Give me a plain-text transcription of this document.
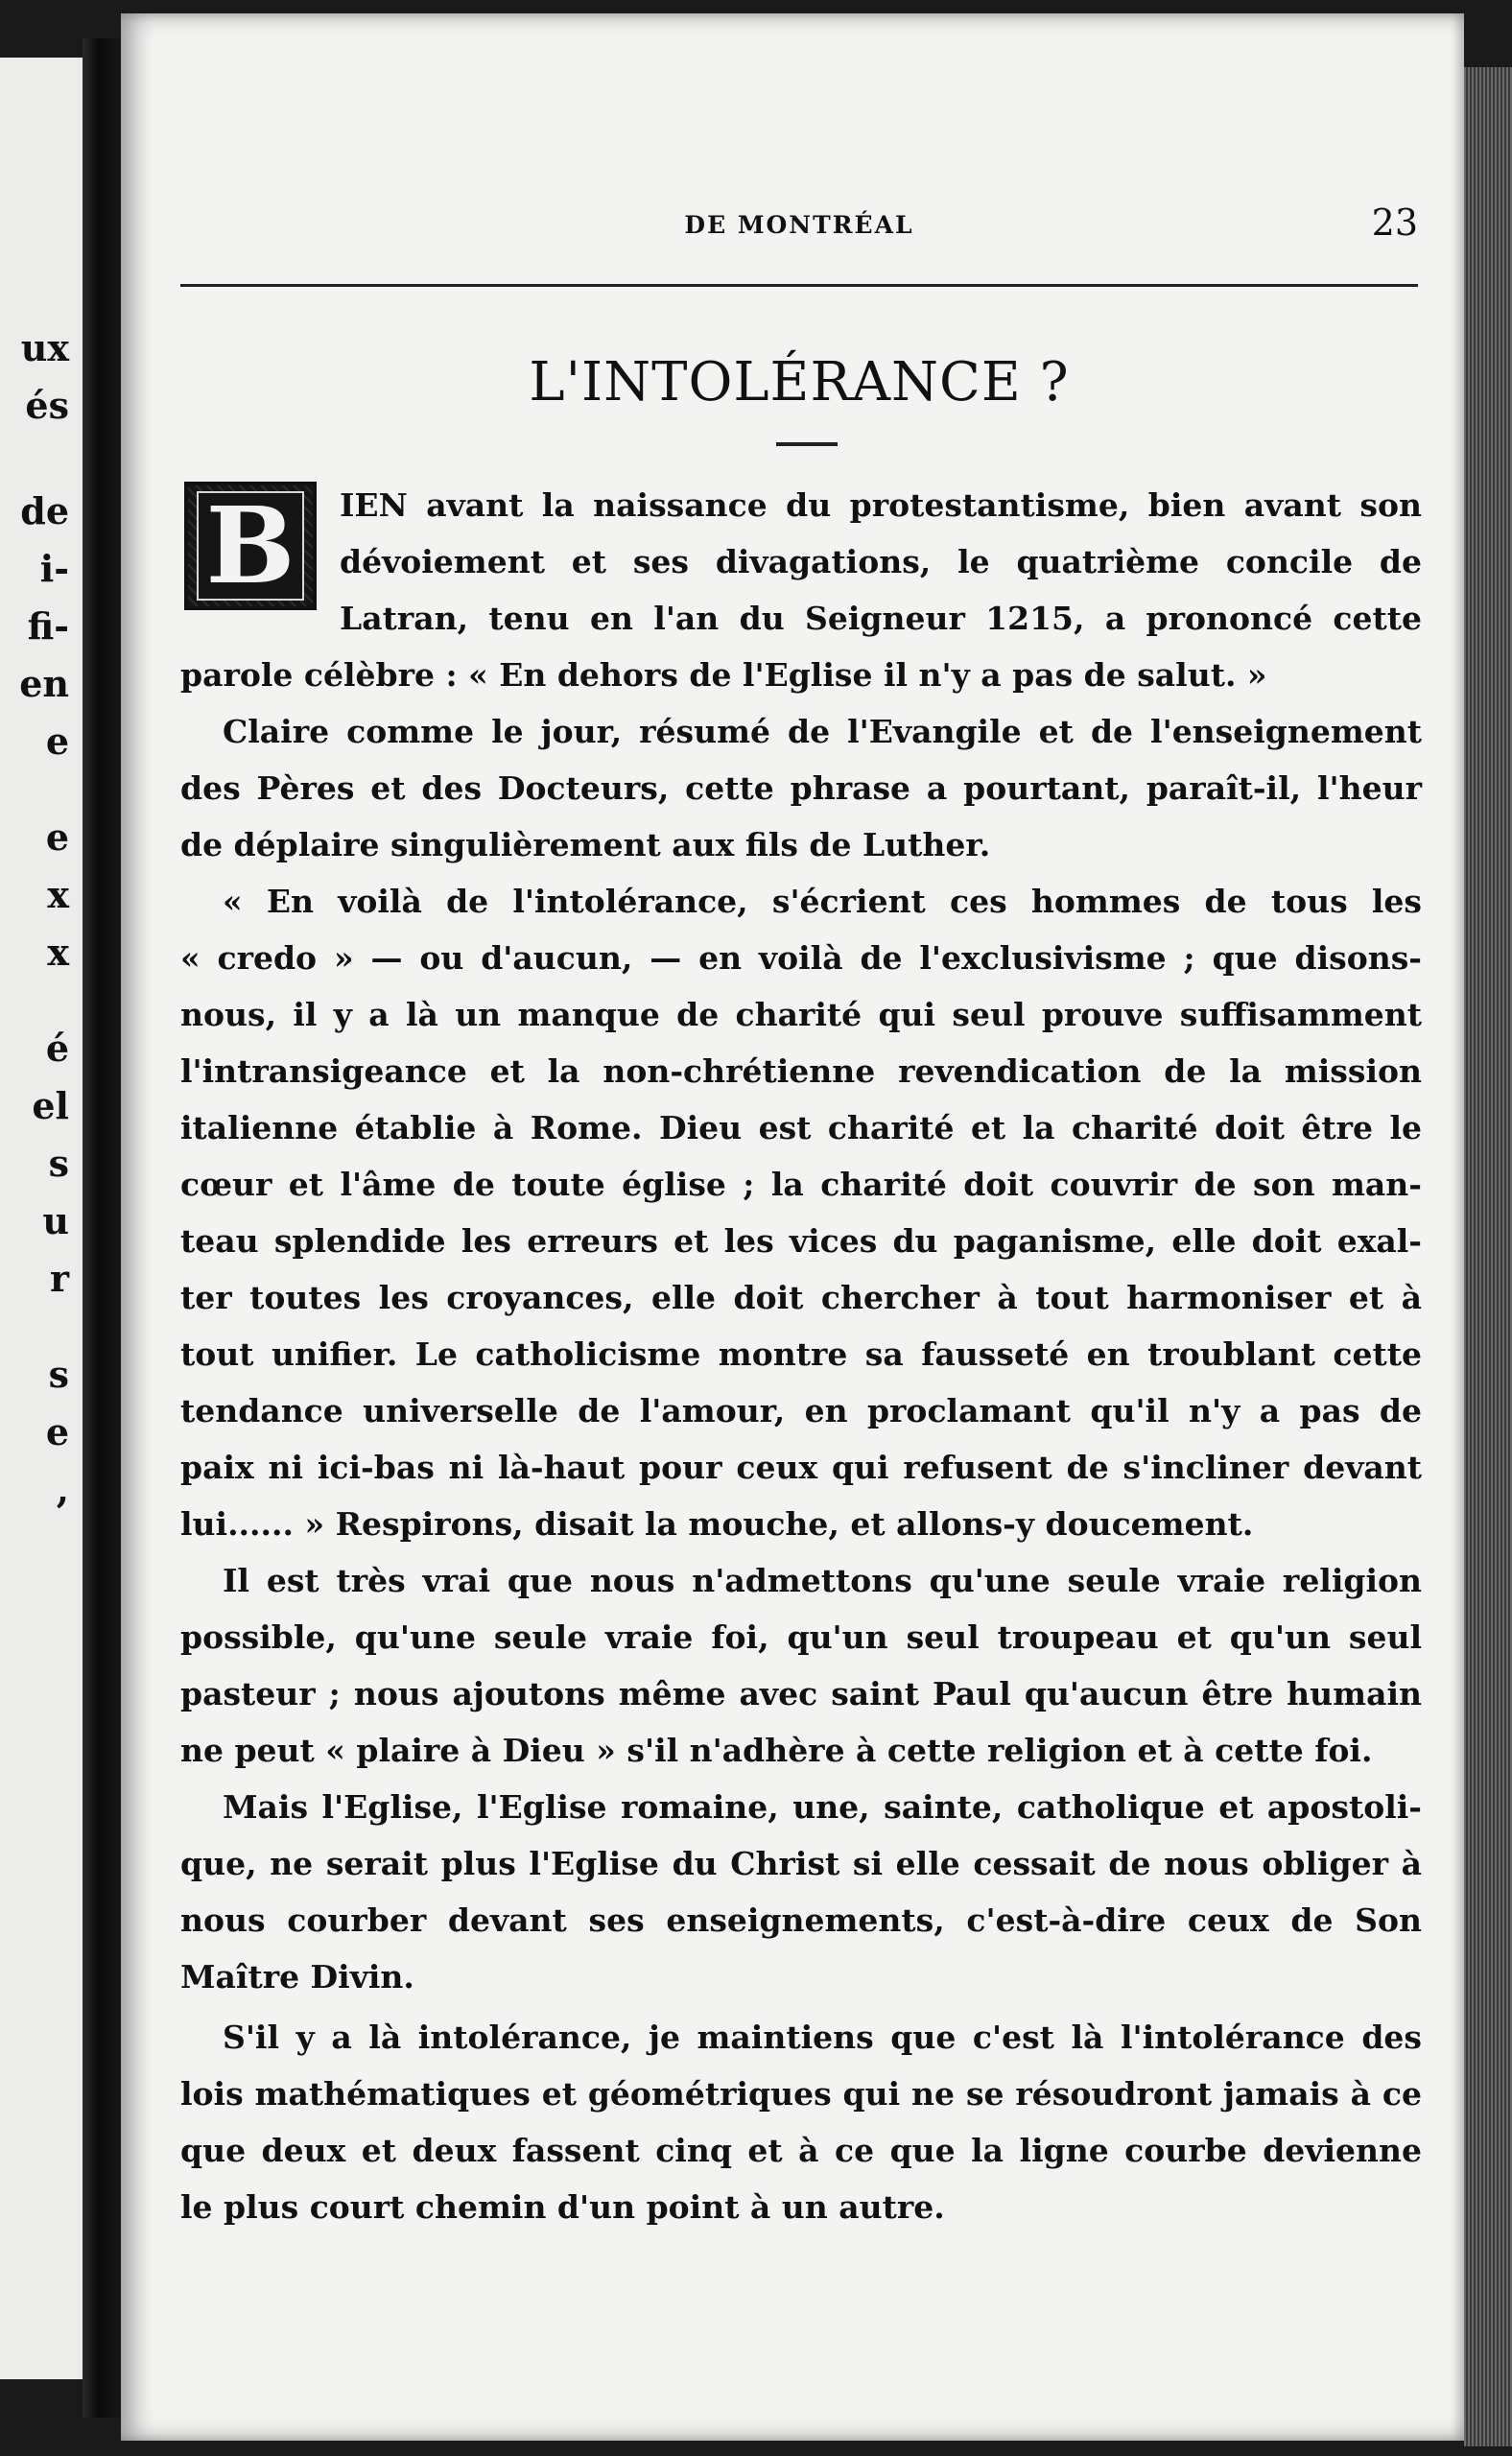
ux
és
de
i-
fi-
en
e
e
x
x
é
el
s
u
r
s
e
,
DE MONTRÉAL	23
L'INTOLÉRANCE ?
B	IEN avant la naissance du protestantisme, bien avant son
dévoiement et ses divagations, le quatrième concile de
Latran, tenu en l'an du Seigneur 1215, a prononcé cette
parole célèbre : « En dehors de l'Eglise il n'y a pas de salut. »
Claire comme le jour, résumé de l'Evangile et de l'enseignement
des Pères et des Docteurs, cette phrase a pourtant, paraît-il, l'heur
de déplaire singulièrement aux fils de Luther.
« En voilà de l'intolérance, s'écrient ces hommes de tous les
« credo » — ou d'aucun, — en voilà de l'exclusivisme ; que disons-
nous, il y a là un manque de charité qui seul prouve suffisamment
l'intransigeance et la non-chrétienne revendication de la mission
italienne établie à Rome. Dieu est charité et la charité doit être le
cœur et l'âme de toute église ; la charité doit couvrir de son man-
teau splendide les erreurs et les vices du paganisme, elle doit exal-
ter toutes les croyances, elle doit chercher à tout harmoniser et à
tout unifier. Le catholicisme montre sa fausseté en troublant cette
tendance universelle de l'amour, en proclamant qu'il n'y a pas de
paix ni ici-bas ni là-haut pour ceux qui refusent de s'incliner devant
lui...... » Respirons, disait la mouche, et allons-y doucement.
Il est très vrai que nous n'admettons qu'une seule vraie religion
possible, qu'une seule vraie foi, qu'un seul troupeau et qu'un seul
pasteur ; nous ajoutons même avec saint Paul qu'aucun être humain
ne peut « plaire à Dieu » s'il n'adhère à cette religion et à cette foi.
Mais l'Eglise, l'Eglise romaine, une, sainte, catholique et apostoli-
que, ne serait plus l'Eglise du Christ si elle cessait de nous obliger à
nous courber devant ses enseignements, c'est-à-dire ceux de Son
Maître Divin.
S'il y a là intolérance, je maintiens que c'est là l'intolérance des
lois mathématiques et géométriques qui ne se résoudront jamais à ce
que deux et deux fassent cinq et à ce que la ligne courbe devienne
le plus court chemin d'un point à un autre.
